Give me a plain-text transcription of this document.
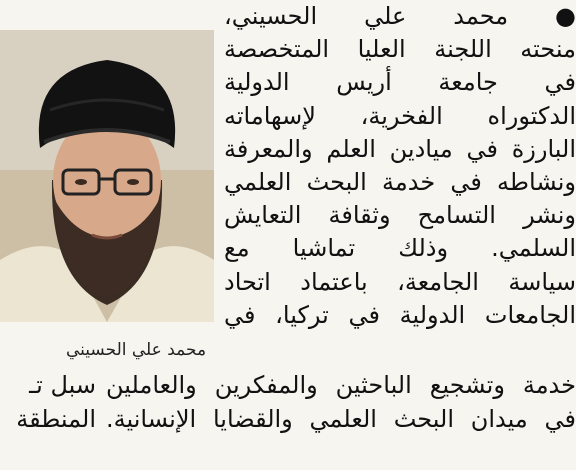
محمد علي الحسيني
● محمد علي الحسيني،
منحته اللجنة العليا المتخصصة
في جامعة أريس الدولية
الدكتوراه الفخرية، لإسهاماته
البارزة في ميادين العلم والمعرفة
ونشاطه في خدمة البحث العلمي
ونشر التسامح وثقافة التعايش
السلمي. وذلك تماشيا مع
سياسة الجامعة، باعتماد اتحاد
الجامعات الدولية في تركيا، في
خدمة وتشجيع الباحثين والمفكرين والعاملينسبل تـ
في ميدان البحث العلمي والقضايا الإنسانية.المنطقة
